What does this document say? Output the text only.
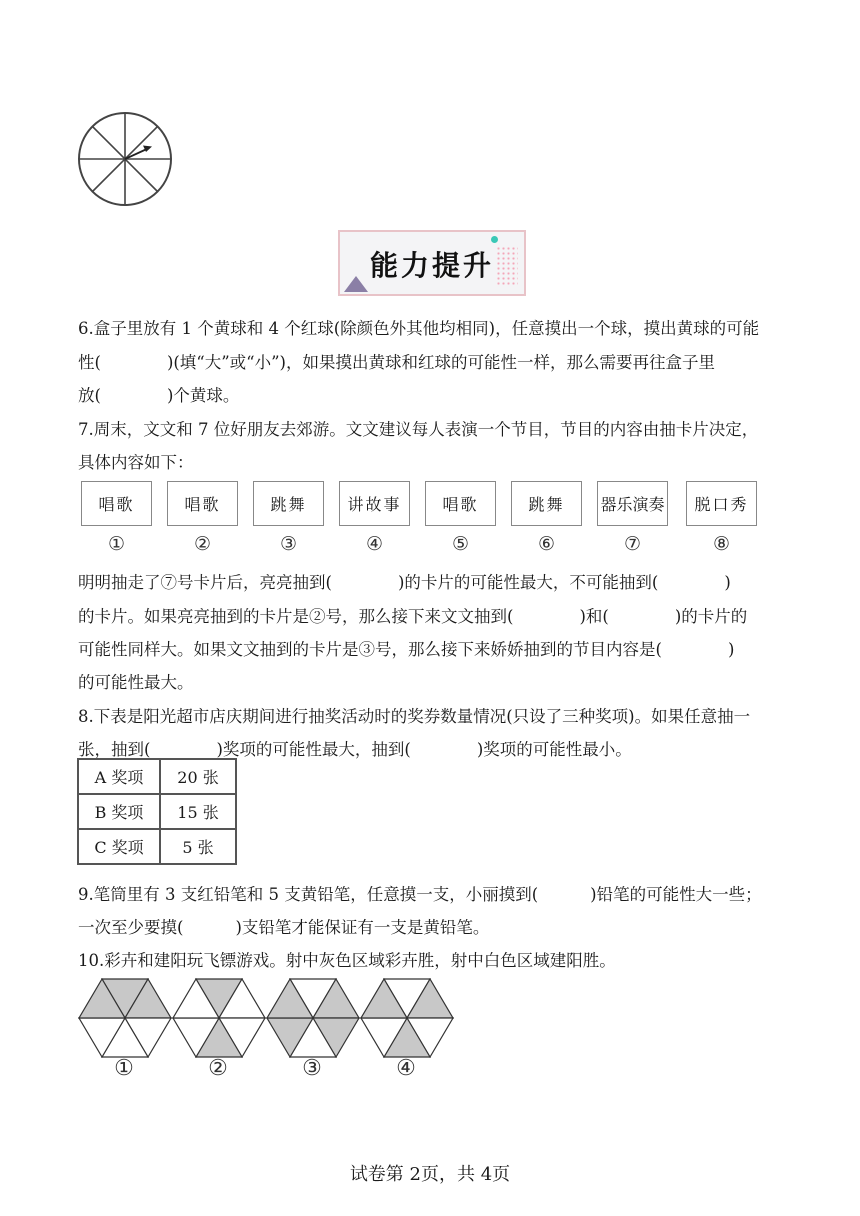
能力提升
6.盒子里放有 1 个黄球和 4 个红球(除颜色外其他均相同)，任意摸出一个球，摸出黄球的可能
性(	)(填“大”或“小”)，如果摸出黄球和红球的可能性一样，那么需要再往盒子里
放(	)个黄球。
7.周末，文文和 7 位好朋友去郊游。文文建议每人表演一个节目，节目的内容由抽卡片决定，
具体内容如下：
唱歌	唱歌	跳舞	讲故事	唱歌	跳舞 器乐演奏 脱口秀
①	②	③	④	⑤	⑥	⑦	⑧
明明抽走了⑦号卡片后，亮亮抽到(	)的卡片的可能性最大，不可能抽到(	)
的卡片。如果亮亮抽到的卡片是②号，那么接下来文文抽到(	)和(	)的卡片的
可能性同样大。如果文文抽到的卡片是③号，那么接下来娇娇抽到的节目内容是(	)
的可能性最大。
8.下表是阳光超市店庆期间进行抽奖活动时的奖券数量情况(只设了三种奖项)。如果任意抽一
张，抽到(	)奖项的可能性最大，抽到(	)奖项的可能性最小。
A 奖项	20 张
B 奖项	15 张
C 奖项	5 张
9.笔筒里有 3 支红铅笔和 5 支黄铅笔，任意摸一支，小丽摸到(	)铅笔的可能性大一些；
一次至少要摸(	)支铅笔才能保证有一支是黄铅笔。
10.彩卉和建阳玩飞镖游戏。射中灰色区域彩卉胜，射中白色区域建阳胜。
①	②	③	④
试卷第 2页，共 4页
